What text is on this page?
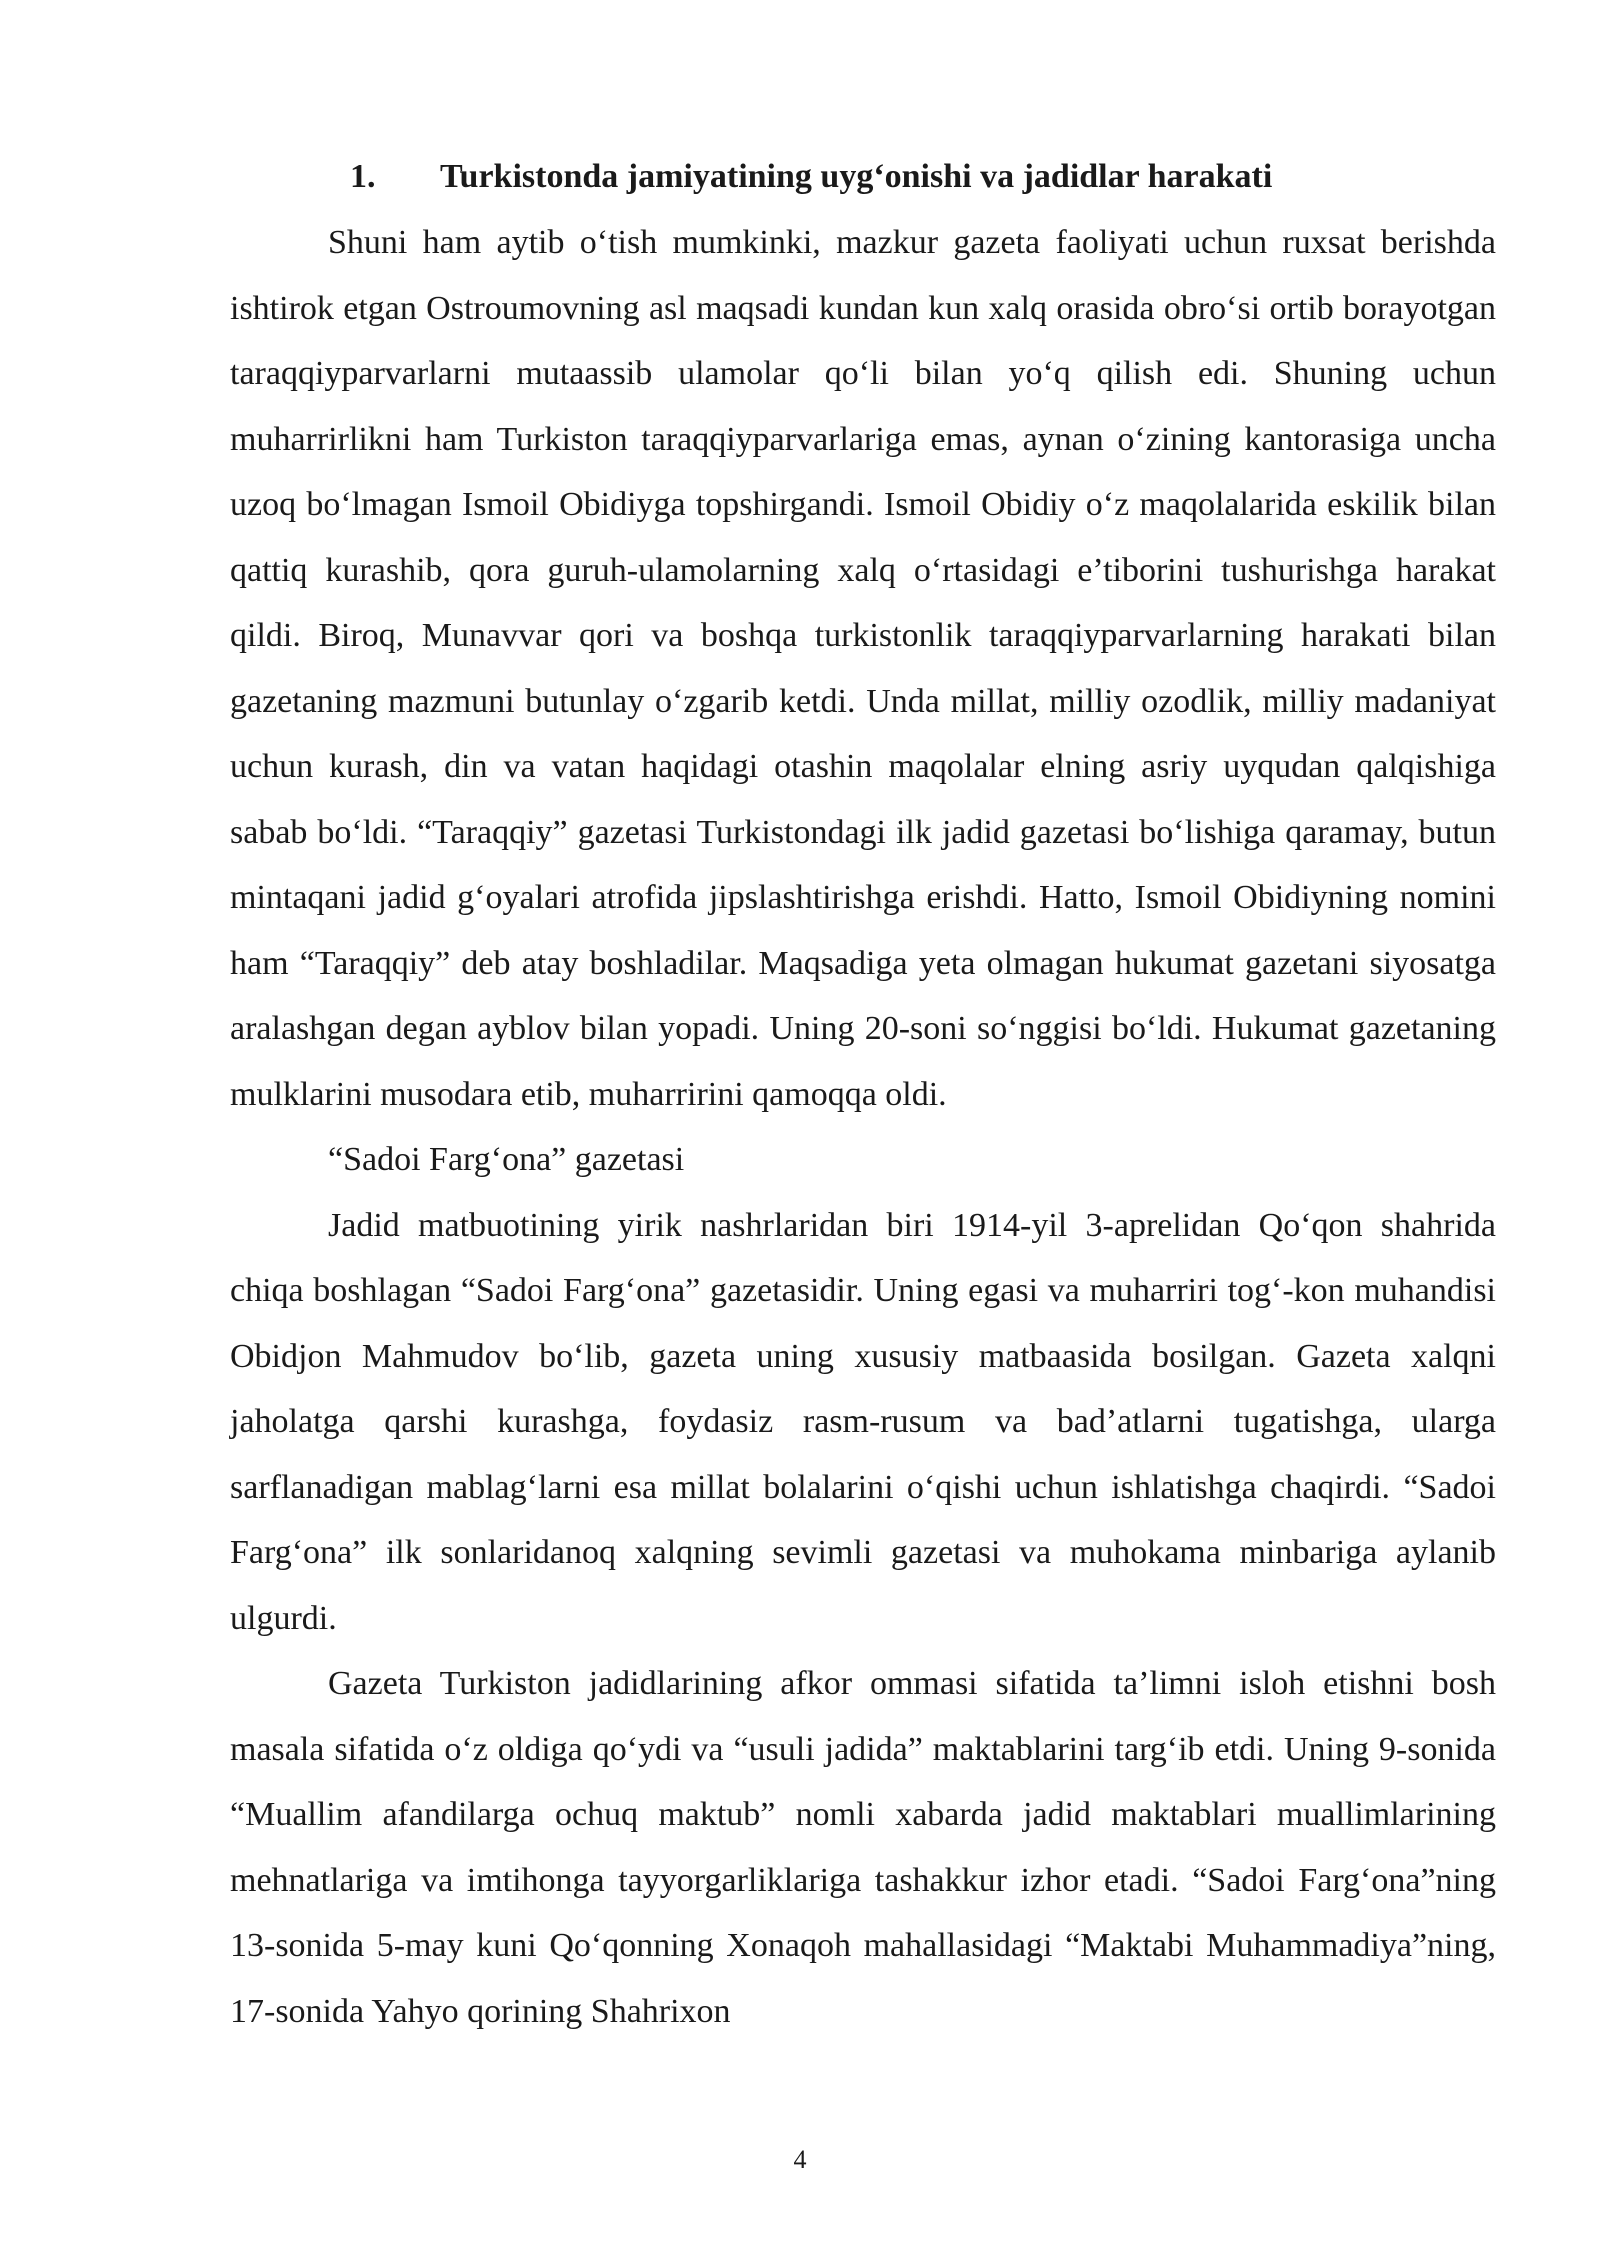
1.	Turkistonda jamiyatining uyg‘onishi va jadidlar harakati

Shuni ham aytib o‘tish mumkinki, mazkur gazeta faoliyati uchun ruxsat berishda ishtirok etgan Ostroumovning asl maqsadi kundan kun xalq orasida obro‘si ortib borayotgan taraqqiyparvarlarni mutaassib ulamolar qo‘li bilan yo‘q qilish edi. Shuning uchun muharrirlikni ham Turkiston taraqqiyparvarlariga emas, aynan o‘zining kantorasiga uncha uzoq bo‘lmagan Ismoil Obidiyga topshirgandi. Ismoil Obidiy o‘z maqolalarida eskilik bilan qattiq kurashib, qora guruh-ulamolarning xalq o‘rtasidagi e’tiborini tushurishga harakat qildi. Biroq, Munavvar qori va boshqa turkistonlik taraqqiyparvarlarning harakati bilan gazetaning mazmuni butunlay o‘zgarib ketdi. Unda millat, milliy ozodlik, milliy madaniyat uchun kurash, din va vatan haqidagi otashin maqolalar elning asriy uyqudan qalqishiga sabab bo‘ldi. “Taraqqiy” gazetasi Turkistondagi ilk jadid gazetasi bo‘lishiga qaramay, butun mintaqani jadid g‘oyalari atrofida jipslashtirishga erishdi. Hatto, Ismoil Obidiyning nomini ham “Taraqqiy” deb atay boshladilar. Maqsadiga yeta olmagan hukumat gazetani siyosatga aralashgan degan ayblov bilan yopadi. Uning 20-soni so‘nggisi bo‘ldi. Hukumat gazetaning mulklarini musodara etib, muharririni qamoqqa oldi.

“Sadoi Farg‘ona” gazetasi

Jadid matbuotining yirik nashrlaridan biri 1914-yil 3-aprelidan Qo‘qon shahrida chiqa boshlagan “Sadoi Farg‘ona” gazetasidir. Uning egasi va muharriri tog‘-kon muhandisi Obidjon Mahmudov bo‘lib, gazeta uning xususiy matbaasida bosilgan. Gazeta xalqni jaholatga qarshi kurashga, foydasiz rasm-rusum va bad’atlarni tugatishga, ularga sarflanadigan mablag‘larni esa millat bolalarini o‘qishi uchun ishlatishga chaqirdi. “Sadoi Farg‘ona” ilk sonlaridanoq xalqning sevimli gazetasi va muhokama minbariga aylanib ulgurdi.

Gazeta Turkiston jadidlarining afkor ommasi sifatida ta’limni isloh etishni bosh masala sifatida o‘z oldiga qo‘ydi va “usuli jadida” maktablarini targ‘ib etdi. Uning 9-sonida “Muallim afandilarga ochuq maktub” nomli xabarda jadid maktablari muallimlarining mehnatlariga va imtihonga tayyorgarliklariga tashakkur izhor etadi. “Sadoi Farg‘ona”ning 13-sonida 5-may kuni Qo‘qonning Xonaqoh mahallasidagi “Maktabi Muhammadiya”ning, 17-sonida Yahyo qorining Shahrixon

4
